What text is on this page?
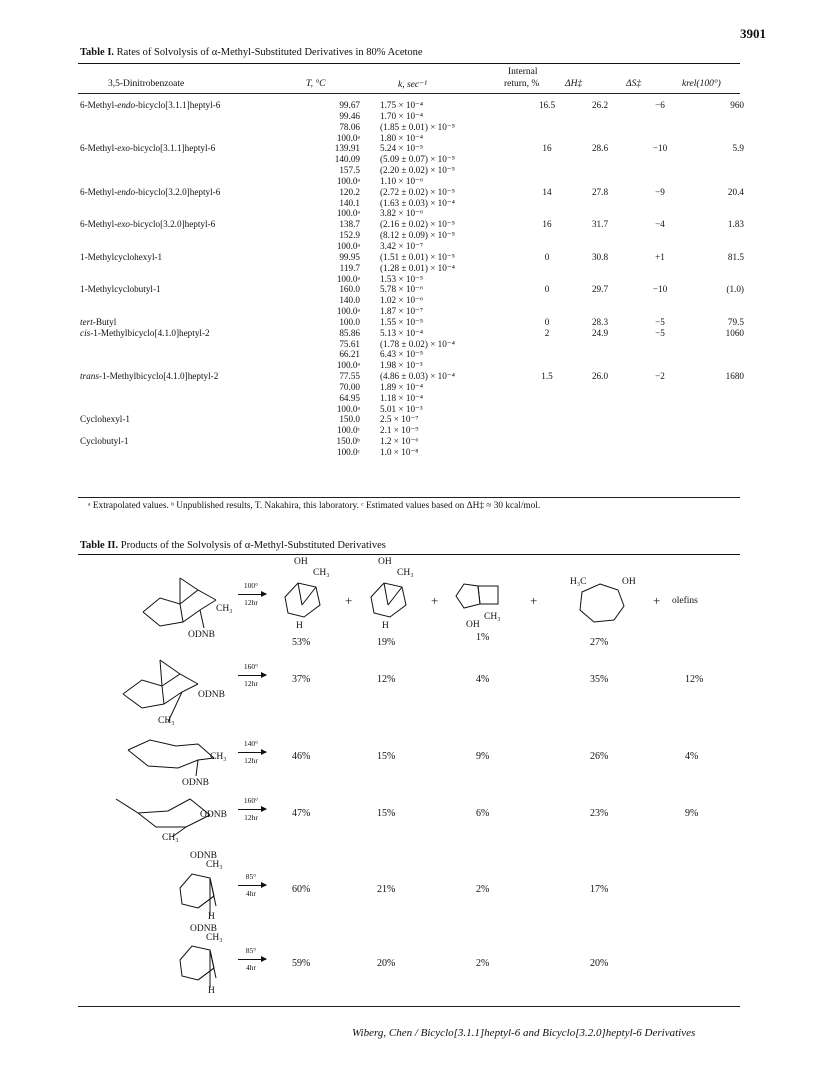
3901
Table I. Rates of Solvolysis of α-Methyl-Substituted Derivatives in 80% Acetone
3,5-Dinitrobenzoate	T, °C	k, sec⁻¹
Internal
return, %	ΔH‡	ΔS‡	krel(100°)
6-Methyl-endo-bicyclo[3.1.1]heptyl-6	99.67	1.75 × 10⁻⁴	16.5	26.2	−6	960
	99.46	1.70 × 10⁻⁴				
	78.06	(1.85 ± 0.01) × 10⁻⁵				
	100.0ᵃ	1.80 × 10⁻⁴				
6-Methyl-exo-bicyclo[3.1.1]heptyl-6	139.91	5.24 × 10⁻⁵	16	28.6	−10	5.9
	140.09	(5.09 ± 0.07) × 10⁻⁵				
	157.5	(2.20 ± 0.02) × 10⁻⁵				
	100.0ᵃ	1.10 × 10⁻⁶				
6-Methyl-endo-bicyclo[3.2.0]heptyl-6	120.2	(2.72 ± 0.02) × 10⁻⁵	14	27.8	−9	20.4
	140.1	(1.63 ± 0.03) × 10⁻⁴				
	100.0ᵃ	3.82 × 10⁻⁶				
6-Methyl-exo-bicyclo[3.2.0]heptyl-6	138.7	(2.16 ± 0.02) × 10⁻⁵	16	31.7	−4	1.83
	152.9	(8.12 ± 0.09) × 10⁻⁵				
	100.0ᵃ	3.42 × 10⁻⁷				
1-Methylcyclohexyl-1	99.95	(1.51 ± 0.01) × 10⁻⁵	0	30.8	+1	81.5
	119.7	(1.28 ± 0.01) × 10⁻⁴				
	100.0ᵃ	1.53 × 10⁻⁵				
1-Methylcyclobutyl-1	160.0	5.78 × 10⁻⁶	0	29.7	−10	(1.0)
	140.0	1.02 × 10⁻⁶				
	100.0ᵃ	1.87 × 10⁻⁷				
tert-Butyl	100.0	1.55 × 10⁻⁵	0	28.3	−5	79.5
cis-1-Methylbicyclo[4.1.0]heptyl-2	85.86	5.13 × 10⁻⁴	2	24.9	−5	1060
	75.61	(1.78 ± 0.02) × 10⁻⁴				
	66.21	6.43 × 10⁻⁵				
	100.0ᵃ	1.98 × 10⁻³				
trans-1-Methylbicyclo[4.1.0]heptyl-2	77.55	(4.86 ± 0.03) × 10⁻⁴	1.5	26.0	−2	1680
	70.00	1.89 × 10⁻⁴				
	64.95	1.18 × 10⁻⁴				
	100.0ᵃ	5.01 × 10⁻³				
Cyclohexyl-1	150.0	2.5 × 10⁻⁷				
	100.0ᶜ	2.1 × 10⁻⁹				
Cyclobutyl-1	150.0ᵇ	1.2 × 10⁻⁶				
	100.0ᶜ	1.0 × 10⁻⁸				
ᵃ Extrapolated values. ᵇ Unpublished results, T. Nakahira, this laboratory. ᶜ Estimated values based on ΔH‡ ≈ 30 kcal/mol.
Table II. Products of the Solvolysis of α-Methyl-Substituted Derivatives
CH₃
ODNB
OH
CH₃
H
+
OH
CH₃
H
+
CH₃
OH
+
H₃C	OH
+ olefins
ODNB
CH₃
CH₃
ODNB
ODNB
CH₃
ODNB
CH₃
H
ODNB
CH₃
H
100°
12hr
53%	19%	1%	27%
160°
12hr	37%	12%	4%	35%	12%
140°
12hr	46%	15%	9%	26%	4%
160°
12hr	47%	15%	6%	23%	9%
85°
4hr	60%	21%	2%	17%
85°
4hr	59%	20%	2%	20%
Wiberg, Chen / Bicyclo[3.1.1]heptyl-6 and Bicyclo[3.2.0]heptyl-6 Derivatives
